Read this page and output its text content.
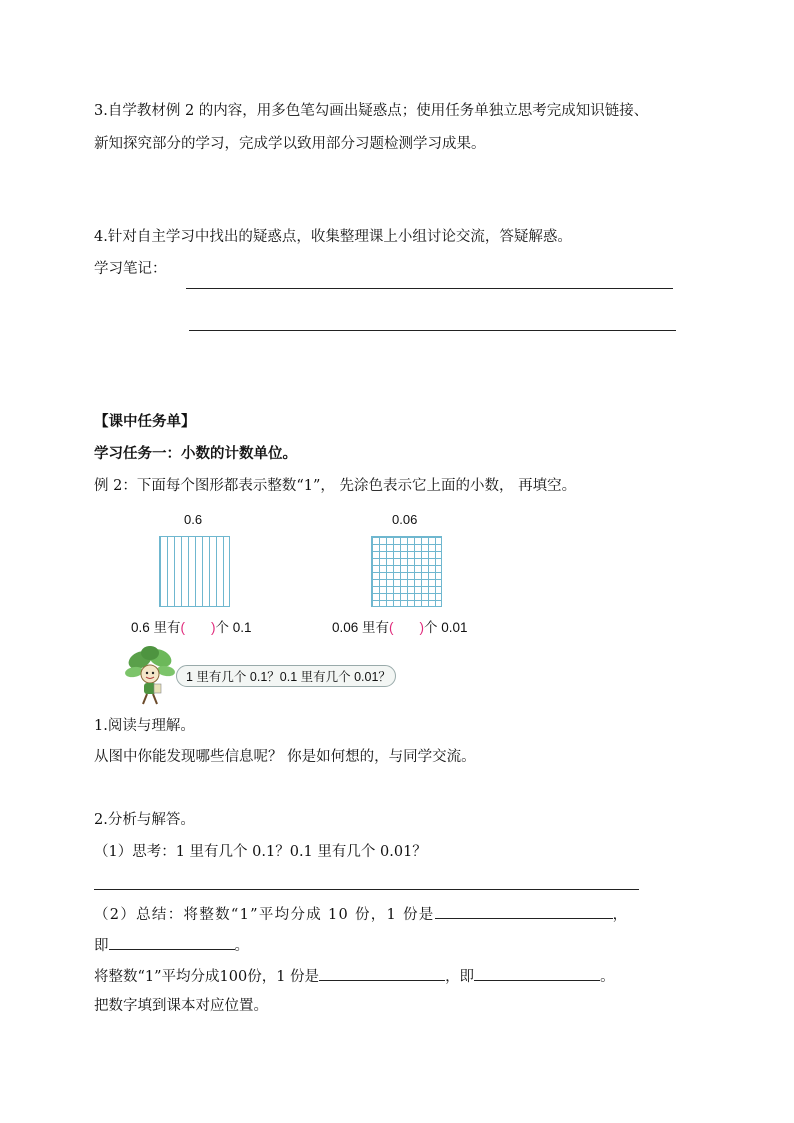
3.自学教材例 2 的内容，用多色笔勾画出疑惑点；使用任务单独立思考完成知识链接、
新知探究部分的学习，完成学以致用部分习题检测学习成果。
4.针对自主学习中找出的疑惑点，收集整理课上小组讨论交流，答疑解惑。
学习笔记：
【课中任务单】
学习任务一：小数的计数单位。
例 2：下面每个图形都表示整数“1”， 先涂色表示它上面的小数， 再填空。
0.6
0.6 里有( )个 0.1
0.06
0.06 里有( )个 0.01
1 里有几个 0.1？0.1 里有几个 0.01？
1.阅读与理解。
从图中你能发现哪些信息呢？ 你是如何想的，与同学交流。
2.分析与解答。
（1）思考：1 里有几个 0.1？0.1 里有几个 0.01？
（2）总结：将整数“1”平均分成 10 份，1 份是	，
即	。
将整数“1”平均分成100份，1 份是	，即	。
把数字填到课本对应位置。
